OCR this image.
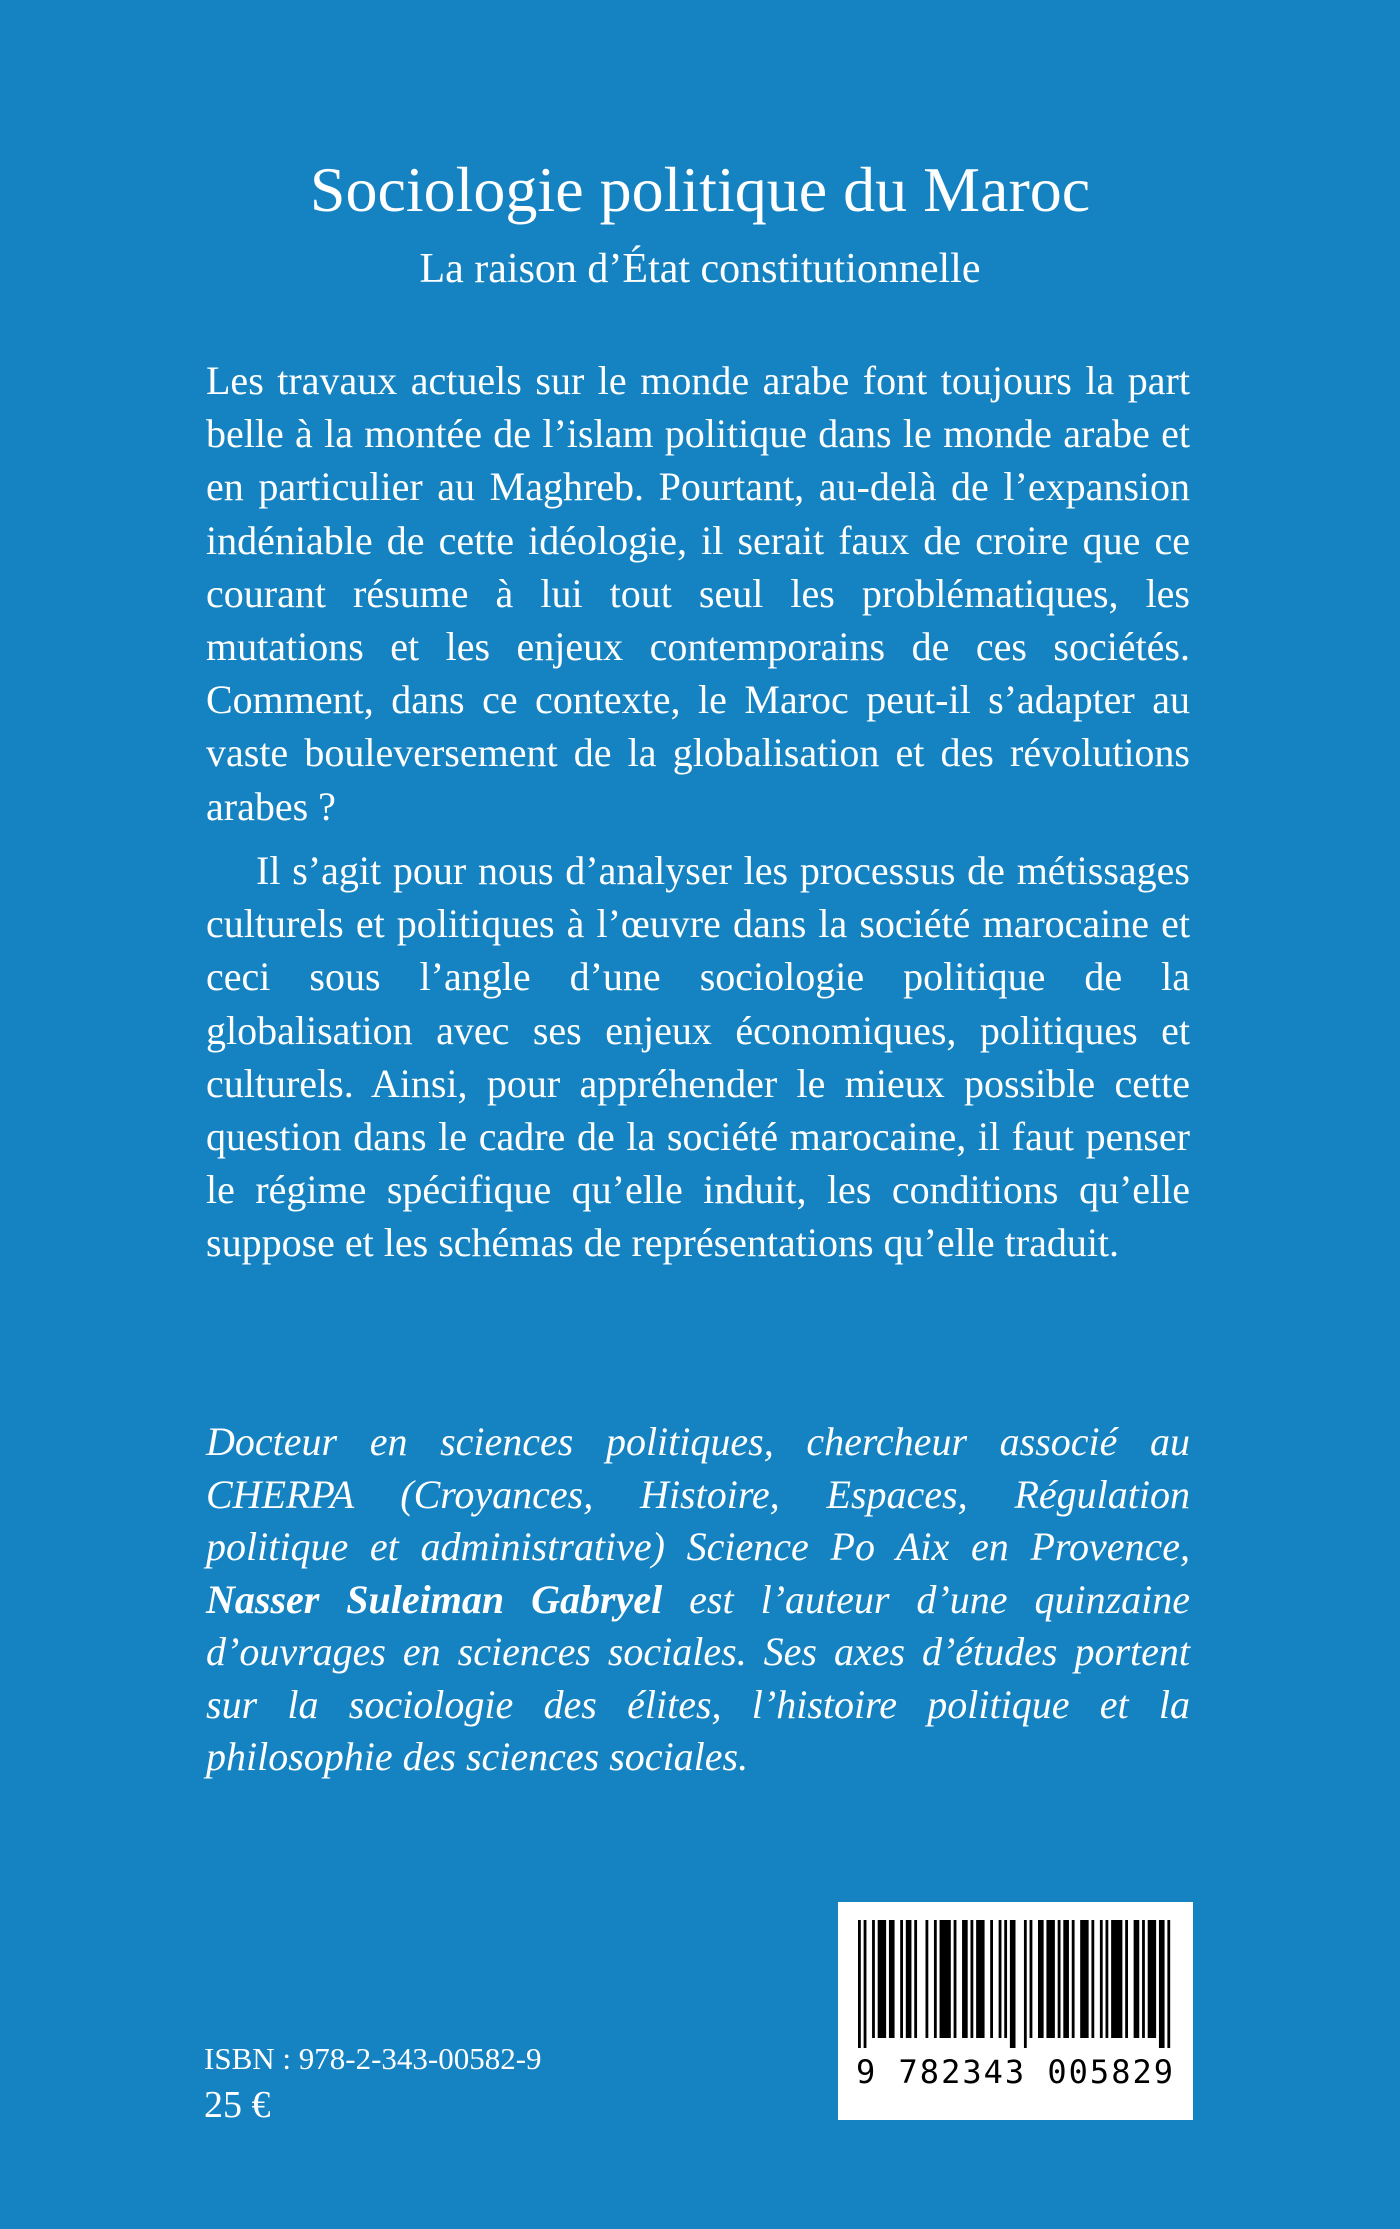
Sociologie politique du Maroc
La raison d’État constitutionnelle

Les travaux actuels sur le monde arabe font toujours la part belle à la montée de l’islam politique dans le monde arabe et en particulier au Maghreb. Pourtant, au-delà de l’expansion indéniable de cette idéologie, il serait faux de croire que ce courant résume à lui tout seul les problématiques, les mutations et les enjeux contemporains de ces sociétés. Comment, dans ce contexte, le Maroc peut-il s’adapter au vaste bouleversement de la globalisation et des révolutions arabes ?

Il s’agit pour nous d’analyser les processus de métissages culturels et politiques à l’œuvre dans la société marocaine et ceci sous l’angle d’une sociologie politique de la globalisation avec ses enjeux économiques, politiques et culturels. Ainsi, pour appréhender le mieux possible cette question dans le cadre de la société marocaine, il faut penser le régime spécifique qu’elle induit, les conditions qu’elle suppose et les schémas de représentations qu’elle traduit.

Docteur en sciences politiques, chercheur associé au CHERPA (Croyances, Histoire, Espaces, Régulation politique et administrative) Science Po Aix en Provence, Nasser Suleiman Gabryel est l’auteur d’une quinzaine d’ouvrages en sciences sociales. Ses axes d’études portent sur la sociologie des élites, l’histoire politique et la philosophie des sciences sociales.

ISBN : 978-2-343-00582-9
25 €
9 782343 005829
